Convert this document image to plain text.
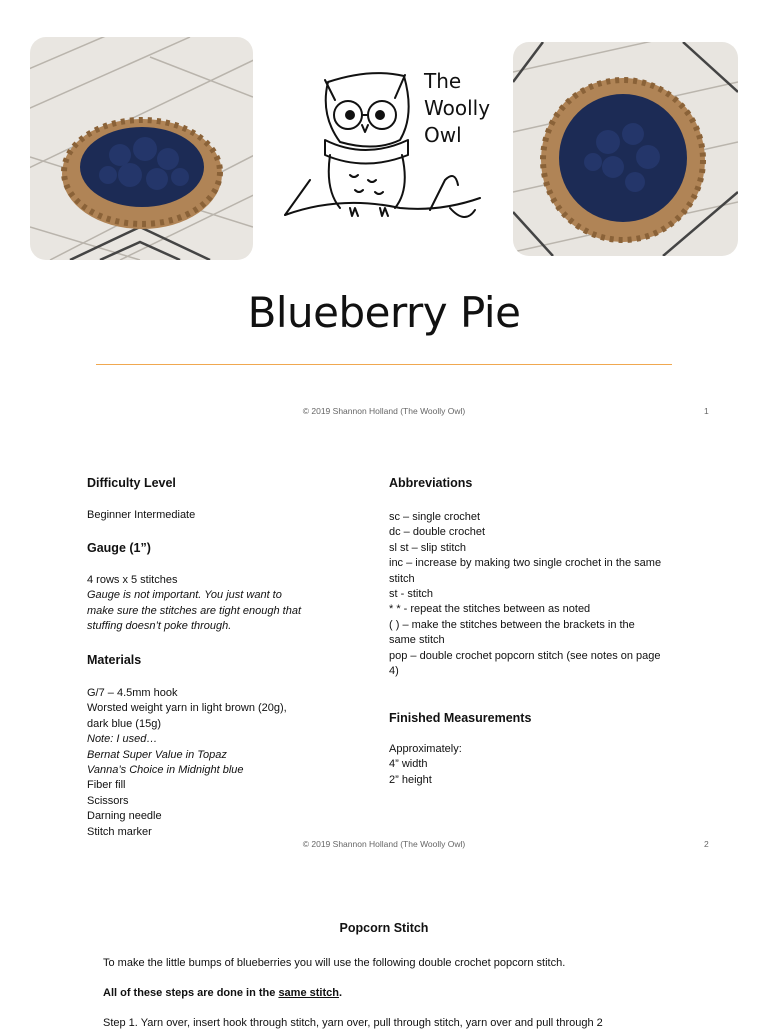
The
Woolly
Owl
Blueberry Pie
© 2019 Shannon Holland (The Woolly Owl)	1
Difficulty Level
Beginner Intermediate
Gauge (1”)
4 rows x 5 stitches
Gauge is not important. You just want to
make sure the stitches are tight enough that
stuffing doesn’t poke through.
Materials
G/7 – 4.5mm hook
Worsted weight yarn in light brown (20g),
dark blue (15g)
Note: I used…
Bernat Super Value in Topaz
Vanna’s Choice in Midnight blue
Fiber fill
Scissors
Darning needle
Stitch marker
Abbreviations
sc – single crochet
dc – double crochet
sl st – slip stitch
inc – increase by making two single crochet in the same
stitch
st - stitch
* * - repeat the stitches between as noted
( ) – make the stitches between the brackets in the
same stitch
pop – double crochet popcorn stitch (see notes on page
4)
Finished Measurements
Approximately:
4” width
2” height
© 2019 Shannon Holland (The Woolly Owl)	2
Popcorn Stitch
To make the little bumps of blueberries you will use the following double crochet popcorn stitch.
All of these steps are done in the same stitch.
Step 1. Yarn over, insert hook through stitch, yarn over, pull through stitch, yarn over and pull through 2
